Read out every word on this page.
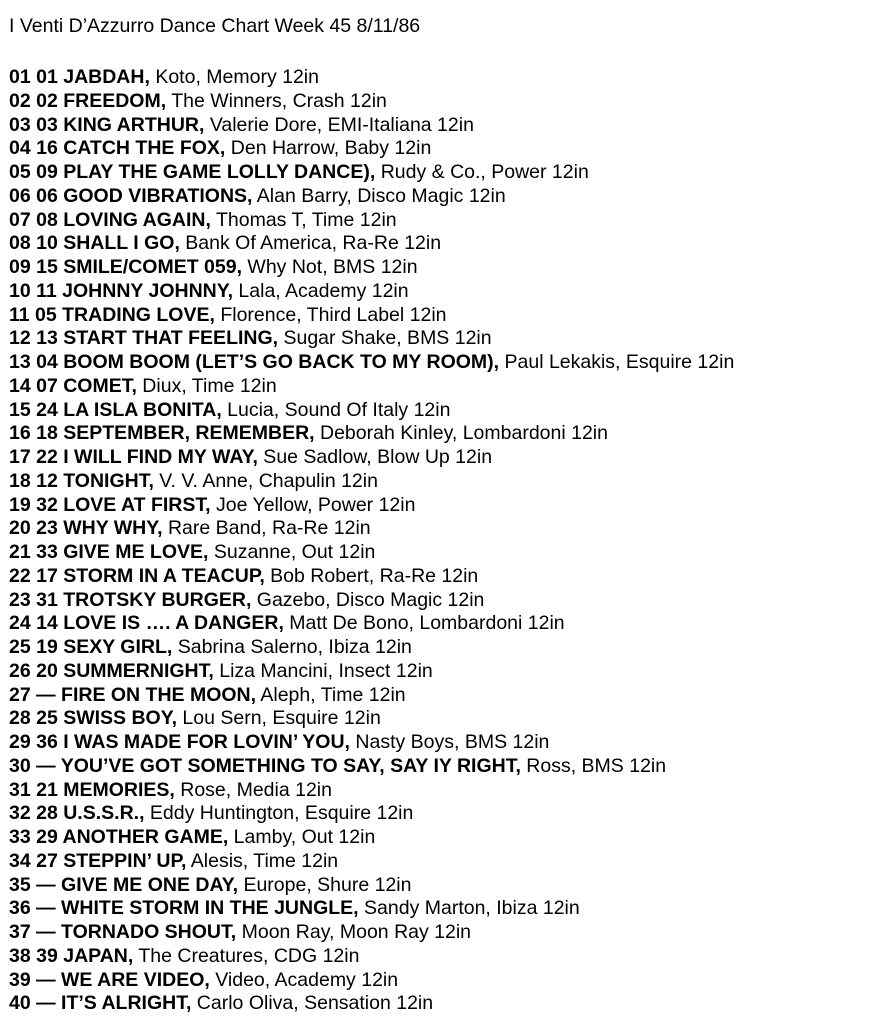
I Venti D’Azzurro Dance Chart Week 45 8/11/86
01 01 JABDAH, Koto, Memory 12in
02 02 FREEDOM, The Winners, Crash 12in
03 03 KING ARTHUR, Valerie Dore, EMI-Italiana 12in
04 16 CATCH THE FOX, Den Harrow, Baby 12in
05 09 PLAY THE GAME LOLLY DANCE), Rudy & Co., Power 12in
06 06 GOOD VIBRATIONS, Alan Barry, Disco Magic 12in
07 08 LOVING AGAIN, Thomas T, Time 12in
08 10 SHALL I GO, Bank Of America, Ra-Re 12in
09 15 SMILE/COMET 059, Why Not, BMS 12in
10 11 JOHNNY JOHNNY, Lala, Academy 12in
11 05 TRADING LOVE, Florence, Third Label 12in
12 13 START THAT FEELING, Sugar Shake, BMS 12in
13 04 BOOM BOOM (LET’S GO BACK TO MY ROOM), Paul Lekakis, Esquire 12in
14 07 COMET, Diux, Time 12in
15 24 LA ISLA BONITA, Lucia, Sound Of Italy 12in
16 18 SEPTEMBER, REMEMBER, Deborah Kinley, Lombardoni 12in
17 22 I WILL FIND MY WAY, Sue Sadlow, Blow Up 12in
18 12 TONIGHT, V. V. Anne, Chapulin 12in
19 32 LOVE AT FIRST, Joe Yellow, Power 12in
20 23 WHY WHY, Rare Band, Ra-Re 12in
21 33 GIVE ME LOVE, Suzanne, Out 12in
22 17 STORM IN A TEACUP, Bob Robert, Ra-Re 12in
23 31 TROTSKY BURGER, Gazebo, Disco Magic 12in
24 14 LOVE IS …. A DANGER, Matt De Bono, Lombardoni 12in
25 19 SEXY GIRL, Sabrina Salerno, Ibiza 12in
26 20 SUMMERNIGHT, Liza Mancini, Insect 12in
27 — FIRE ON THE MOON, Aleph, Time 12in
28 25 SWISS BOY, Lou Sern, Esquire 12in
29 36 I WAS MADE FOR LOVIN’ YOU, Nasty Boys, BMS 12in
30 — YOU’VE GOT SOMETHING TO SAY, SAY IY RIGHT, Ross, BMS 12in
31 21 MEMORIES, Rose, Media 12in
32 28 U.S.S.R., Eddy Huntington, Esquire 12in
33 29 ANOTHER GAME, Lamby, Out 12in
34 27 STEPPIN’ UP, Alesis, Time 12in
35 — GIVE ME ONE DAY, Europe, Shure 12in
36 — WHITE STORM IN THE JUNGLE, Sandy Marton, Ibiza 12in
37 — TORNADO SHOUT, Moon Ray, Moon Ray 12in
38 39 JAPAN, The Creatures, CDG 12in
39 — WE ARE VIDEO, Video, Academy 12in
40 — IT’S ALRIGHT, Carlo Oliva, Sensation 12in
